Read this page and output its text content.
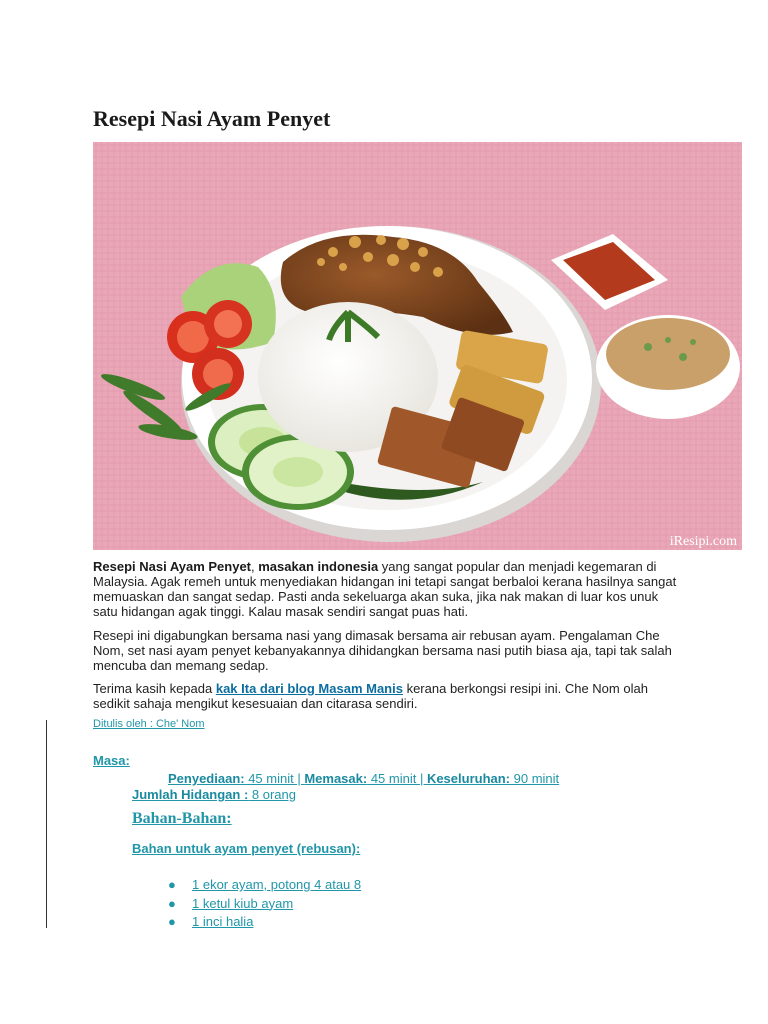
Resepi Nasi Ayam Penyet
iResipi.com

Resepi Nasi Ayam Penyet, masakan indonesia yang sangat popular dan menjadi kegemaran di Malaysia. Agak remeh untuk menyediakan hidangan ini tetapi sangat berbaloi kerana hasilnya sangat memuaskan dan sangat sedap. Pasti anda sekeluarga akan suka, jika nak makan di luar kos unuk satu hidangan agak tinggi. Kalau masak sendiri sangat puas hati.

Resepi ini digabungkan bersama nasi yang dimasak bersama air rebusan ayam. Pengalaman Che Nom, set nasi ayam penyet kebanyakannya dihidangkan bersama nasi putih biasa aja, tapi tak salah mencuba dan memang sedap.

Terima kasih kepada kak Ita dari blog Masam Manis kerana berkongsi resipi ini. Che Nom olah sedikit sahaja mengikut kesesuaian dan citarasa sendiri.

Ditulis oleh : Che' Nom
Masa:
Penyediaan: 45 minit | Memasak: 45 minit | Keseluruhan: 90 minit
Jumlah Hidangan : 8 orang
Bahan-Bahan:
Bahan untuk ayam penyet (rebusan):
● 1 ekor ayam, potong 4 atau 8
● 1 ketul kiub ayam
● 1 inci halia
